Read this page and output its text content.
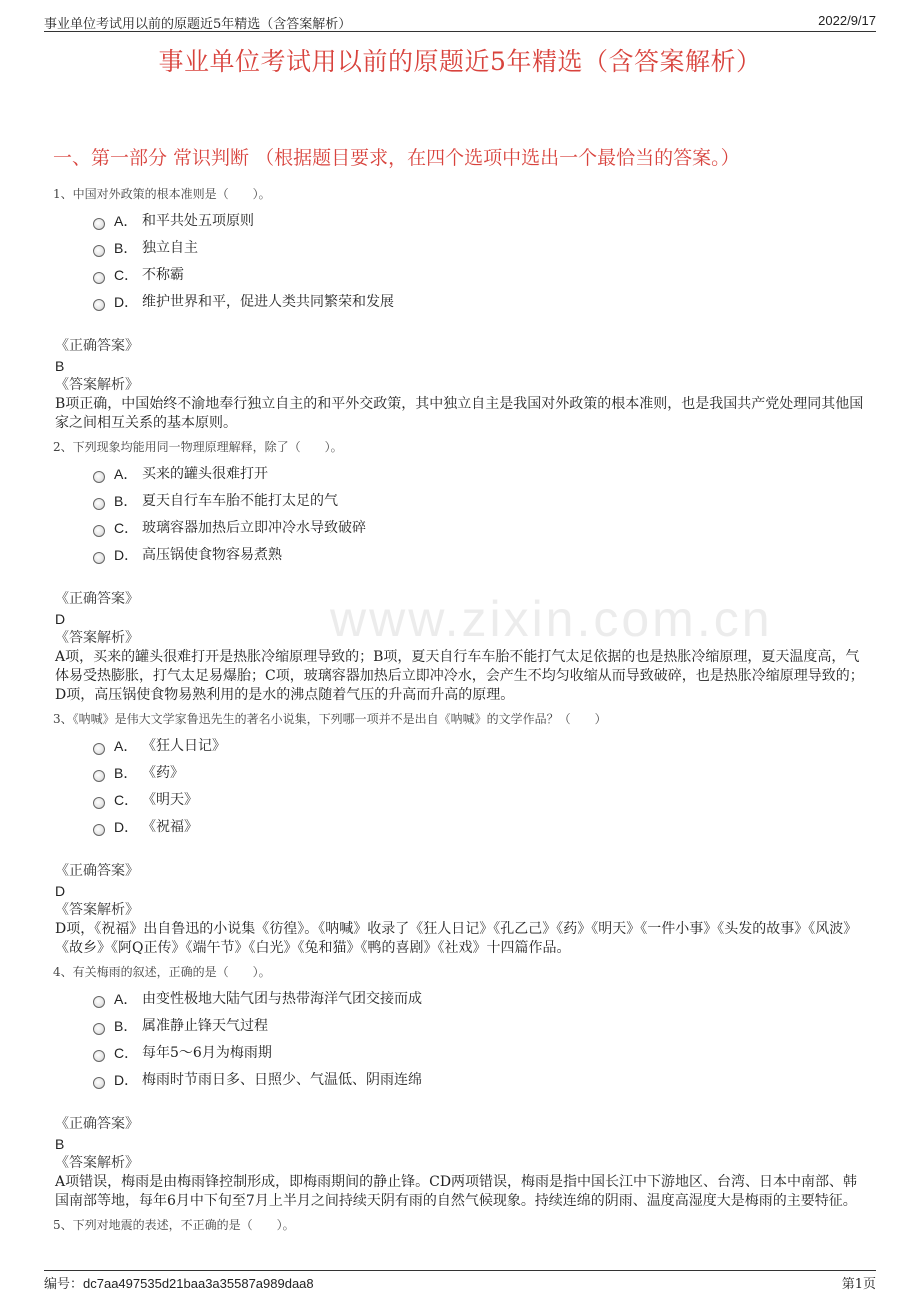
事业单位考试用以前的原题近5年精选（含答案解析）	2022/9/17
事业单位考试用以前的原题近5年精选（含答案解析）
一、第一部分 常识判断 （根据题目要求，在四个选项中选出一个最恰当的答案。）
www.zixin.com.cn
1、中国对外政策的根本准则是（　　）。
A． 和平共处五项原则
B． 独立自主
C． 不称霸
D． 维护世界和平，促进人类共同繁荣和发展
《正确答案》
B
《答案解析》
B项正确，中国始终不渝地奉行独立自主的和平外交政策，其中独立自主是我国对外政策的根本准则，也是我国共产党处理同其他国家之间相互关系的基本原则。
2、下列现象均能用同一物理原理解释，除了（　　）。
A． 买来的罐头很难打开
B． 夏天自行车车胎不能打太足的气
C． 玻璃容器加热后立即冲冷水导致破碎
D． 高压锅使食物容易煮熟
《正确答案》
D
《答案解析》
A项，买来的罐头很难打开是热胀冷缩原理导致的；B项，夏天自行车车胎不能打气太足依据的也是热胀冷缩原理，夏天温度高，气体易受热膨胀，打气太足易爆胎；C项，玻璃容器加热后立即冲冷水，会产生不均匀收缩从而导致破碎，也是热胀冷缩原理导致的；D项，高压锅使食物易熟利用的是水的沸点随着气压的升高而升高的原理。
3、《呐喊》是伟大文学家鲁迅先生的著名小说集，下列哪一项并不是出自《呐喊》的文学作品？（　　）
A． 《狂人日记》
B． 《药》
C． 《明天》
D． 《祝福》
《正确答案》
D
《答案解析》
D项，《祝福》出自鲁迅的小说集《彷徨》。《呐喊》收录了《狂人日记》《孔乙己》《药》《明天》《一件小事》《头发的故事》《风波》《故乡》《阿Q正传》《端午节》《白光》《兔和猫》《鸭的喜剧》《社戏》十四篇作品。
4、有关梅雨的叙述，正确的是（　　）。
A． 由变性极地大陆气团与热带海洋气团交接而成
B． 属准静止锋天气过程
C． 每年5～6月为梅雨期
D． 梅雨时节雨日多、日照少、气温低、阴雨连绵
《正确答案》
B
《答案解析》
A项错误，梅雨是由梅雨锋控制形成，即梅雨期间的静止锋。CD两项错误，梅雨是指中国长江中下游地区、台湾、日本中南部、韩国南部等地，每年6月中下旬至7月上半月之间持续天阴有雨的自然气候现象。持续连绵的阴雨、温度高湿度大是梅雨的主要特征。
5、下列对地震的表述，不正确的是（　　）。
编号：dc7aa497535d21baa3a35587a989daa8	第1页
